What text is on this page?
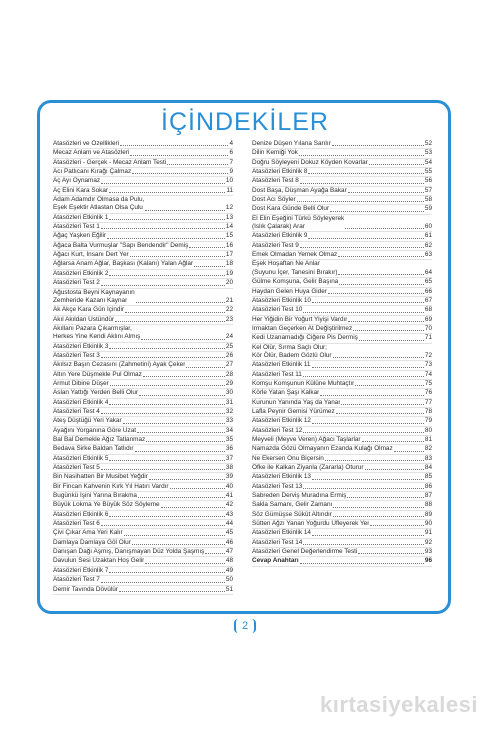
İÇİNDEKİLER
Atasözleri ve Özellikleri	4
Mecaz Anlam ve Atasözleri	6
Atasözleri - Gerçek - Mecaz Anlam Testi	7
Acı Patlıcanı Kırağı Çalmaz	9
Aç Ayı Oynamaz	10
Aç Elini Kara Sokar	11
Adam Adamdır Olmasa da Pulu,
Eşek Eşektir Atlastan Olsa Çulu	12
Atasözleri Etkinlik 1	13
Atasözleri Test 1	14
Ağaç Yaşken Eğilir	15
Ağaca Balta Vurmuşlar "Sapı Bendendir" Demiş	16
Ağacı Kurt, İnsanı Dert Yer	17
Ağlarsa Anam Ağlar, Başkası (Kalanı) Yalan Ağlar	18
Atasözleri Etkinlik 2	19
Atasözleri Test 2	20
Ağustosta Beyni Kaynayanın
Zemheride Kazanı Kaynar	21
Ak Akçe Kara Gün İçindir	22
Akıl Akıldan Üstündür	23
Akıllanı Pazara Çıkarmışlar,
Herkes Yine Kendi Aklını Almış	24
Atasözleri Etkinlik 3	25
Atasözleri Test 3	26
Akılsız Başın Cezasını (Zahmetini) Ayak Çeker	27
Altın Yere Düşmekle Pul Olmaz	28
Armut Dibine Düşer	29
Aslan Yattığı Yerden Belli Olur	30
Atasözleri Etkinlik 4	31
Atasözleri Test 4	32
Ateş Düştüğü Yeri Yakar	33
Ayağını Yorganına Göre Uzat	34
Bal Bal Demekle Ağız Tatlanmaz	35
Bedava Sirke Baldan Tatlıdır	36
Atasözleri Etkinlik 5	37
Atasözleri Test 5	38
Bin Nasihatten Bir Musibet Yeğdir	39
Bir Fincan Kahvenin Kırk Yıl Hatırı Vardır	40
Bugünkü İşini Yarına Bırakma	41
Büyük Lokma Ye Büyük Söz Söyleme	42
Atasözleri Etkinlik 6	43
Atasözleri Test 6	44
Çivi Çıkar Ama Yeri Kalır	45
Damlaya Damlaya Göl Olur	46
Danışan Dağı Aşmış, Danışmayan Düz Yolda Şaşmış	47
Davulun Sesi Uzaktan Hoş Gelir	48
Atasözleri Etkinlik 7	49
Atasözleri Test 7	50
Demir Tavında Dövülür	51
Denize Düşen Yılana Sarılır	52
Dilin Kemiği Yok	53
Doğru Söyleyeni Dokuz Köyden Kovarlar	54
Atasözleri Etkinlik 8	55
Atasözleri Test 8	56
Dost Başa, Düşman Ayağa Bakar	57
Dost Acı Söyler	58
Dost Kara Günde Belli Olur	59
El Elin Eşeğini Türkü Söyleyerek
(Islık Çalarak) Arar	60
Atasözleri Etkinlik 9	61
Atasözleri Test 9	62
Emek Olmadan Yemek Olmaz	63
Eşek Hoşaftan Ne Anlar
(Suyunu İçer, Tanesini Bırakır)	64
Gülme Komşuna, Gelir Başına	65
Haydan Gelen Huya Gider	66
Atasözleri Etkinlik 10	67
Atasözleri Test 10	68
Her Yiğidin Bir Yoğurt Yiyişi Vardır	69
Irmaktan Geçerken At Değiştirilmez	70
Kedi Uzanamadığı Ciğere Pis Dermiş	71
Kel Ölür, Sırma Saçlı Olur;
Kör Ölür, Badem Gözlü Olur	72
Atasözleri Etkinlik 11	73
Atasözleri Test 11	74
Komşu Komşunun Külüne Muhtaçtır	75
Körle Yatan Şaşı Kalkar	76
Kurunun Yanında Yaş da Yanar	77
Lafla Peynir Gemisi Yürümez	78
Atasözleri Etkinlik 12	79
Atasözleri Test 12	80
Meyveli (Meyve Veren) Ağacı Taşlarlar	81
Namazda Gözü Olmayanın Ezanda Kulağı Olmaz	82
Ne Ekersen Onu Biçersin	83
Öfke ile Kalkan Ziyanla (Zararla) Oturur	84
Atasözleri Etkinlik 13	85
Atasözleri Test 13	86
Sabreden Derviş Muradına Ermiş	87
Sakla Samanı, Gelir Zamanı	88
Söz Gümüşse Sükût Altındır	89
Sütten Ağzı Yanan Yoğurdu Üfleyerek Yer	90
Atasözleri Etkinlik 14	91
Atasözleri Test 14	92
Atasözleri Genel Değerlendirme Testi	93
Cevap Anahtarı	96
2
kırtasiyekalesi
